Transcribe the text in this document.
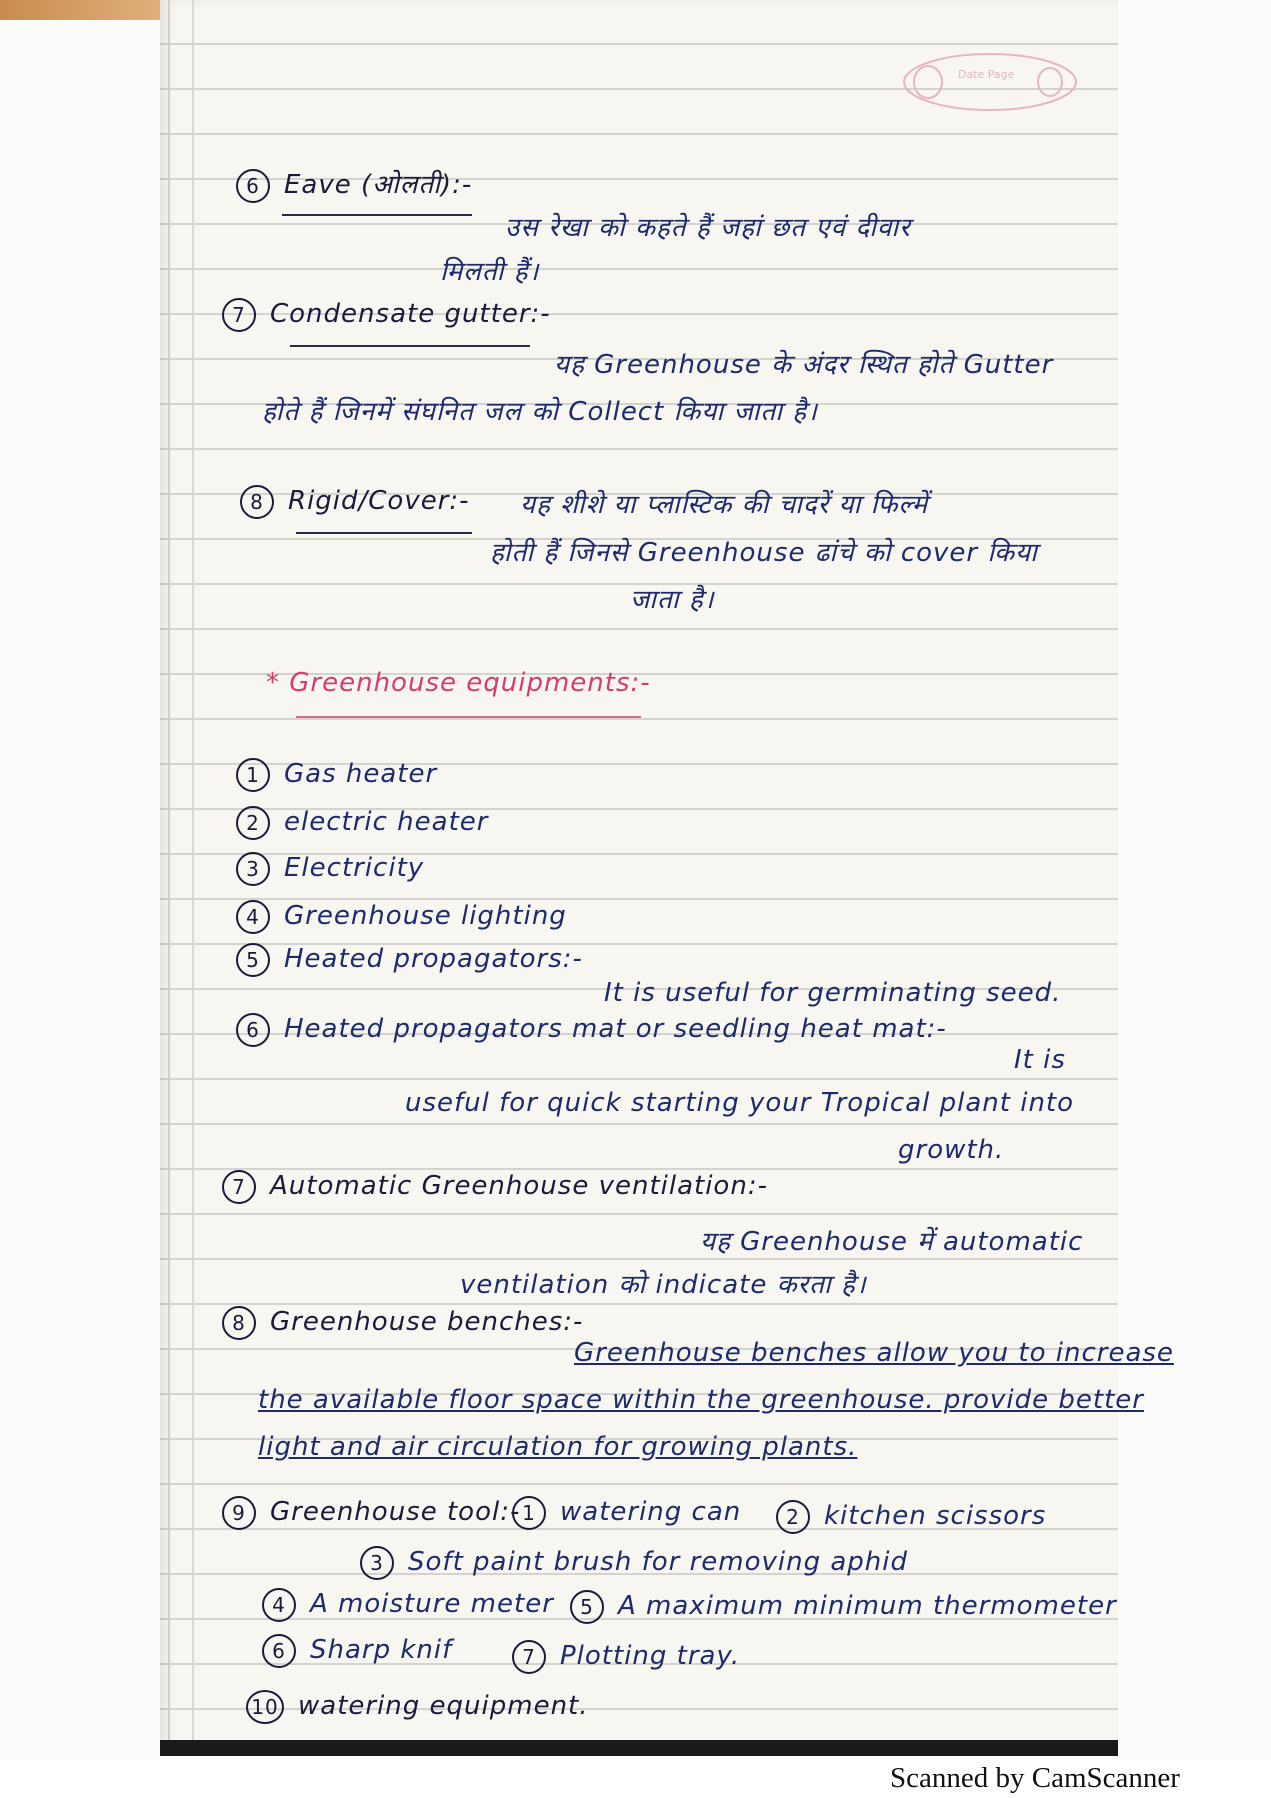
Date Page
6 Eave (ओलती):-
उस रेखा को कहते हैं जहां छत एवं दीवार
मिलती हैं।
7 Condensate gutter:-
यह Greenhouse के अंदर स्थित होते Gutter
होते हैं जिनमें संघनित जल को Collect किया जाता है।
8 Rigid/Cover:- यह शीशे या प्लास्टिक की चादरें या फिल्में
होती हैं जिनसे Greenhouse ढांचे को cover किया
जाता है।
* Greenhouse equipments:-
1 Gas heater
2 electric heater
3 Electricity
4 Greenhouse lighting
5 Heated propagators:-
It is useful for germinating seed.
6 Heated propagators mat or seedling heat mat:-
It is
useful for quick starting your Tropical plant into
growth.
7 Automatic Greenhouse ventilation:-
यह Greenhouse में automatic
ventilation को indicate करता है।
8 Greenhouse benches:-
Greenhouse benches allow you to increase
the available floor space within the greenhouse. provide better
light and air circulation for growing plants.
9 Greenhouse tool:- 1 watering can	2 kitchen scissors
3 Soft paint brush for removing aphid
4 A moisture meter	5 A maximum minimum thermometer
6 Sharp knif	7 Plotting tray.
10 watering equipment.
Scanned by CamScanner
